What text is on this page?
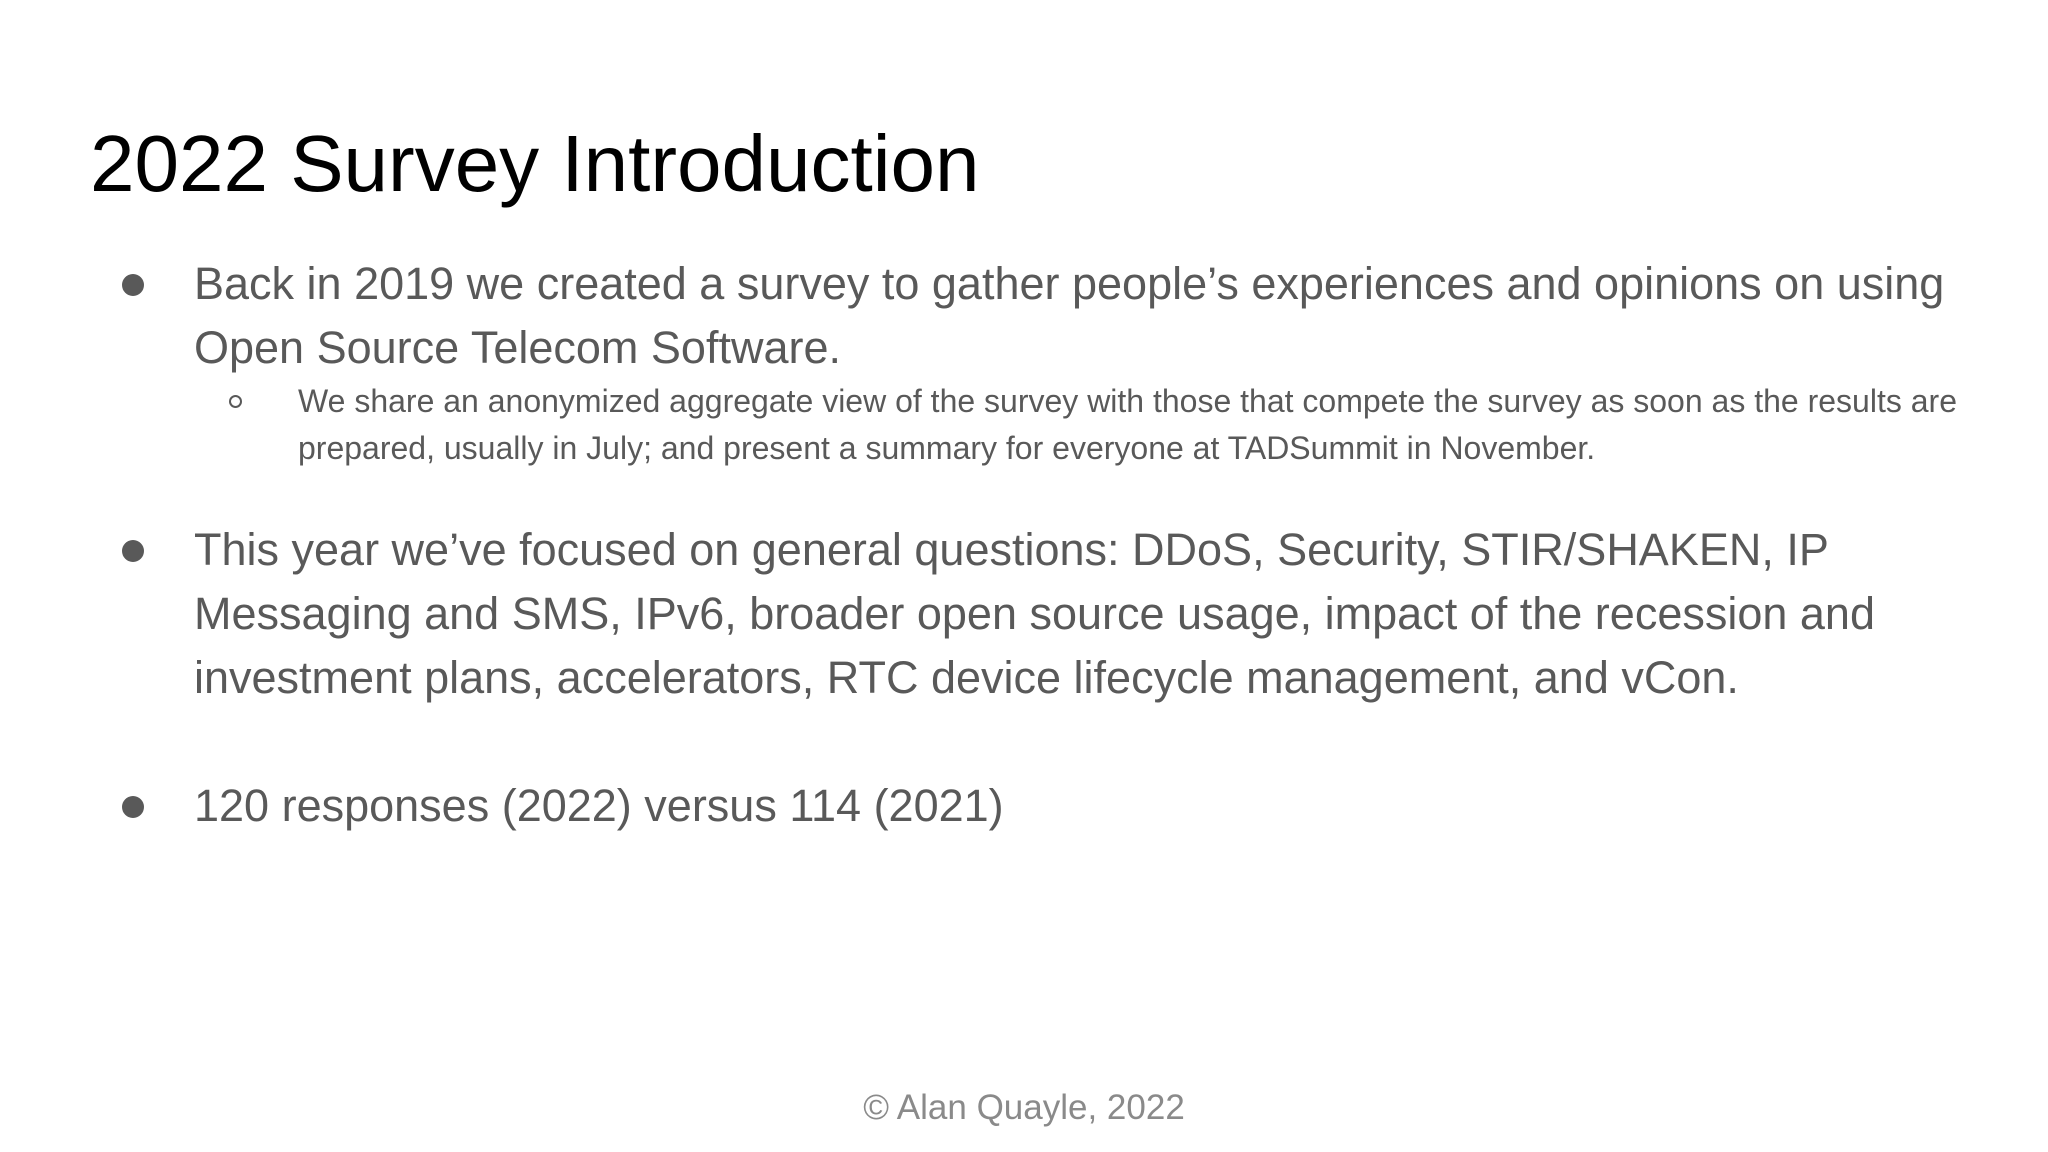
2022 Survey Introduction
Back in 2019 we created a survey to gather people’s experiences and opinions on using Open Source Telecom Software.
We share an anonymized aggregate view of the survey with those that compete the survey as soon as the results are prepared, usually in July; and present a summary for everyone at TADSummit in November.
This year we’ve focused on general questions: DDoS, Security, STIR/SHAKEN, IP Messaging and SMS, IPv6, broader open source usage, impact of the recession and investment plans, accelerators, RTC device lifecycle management, and vCon.
120 responses (2022) versus 114 (2021)
© Alan Quayle, 2022
